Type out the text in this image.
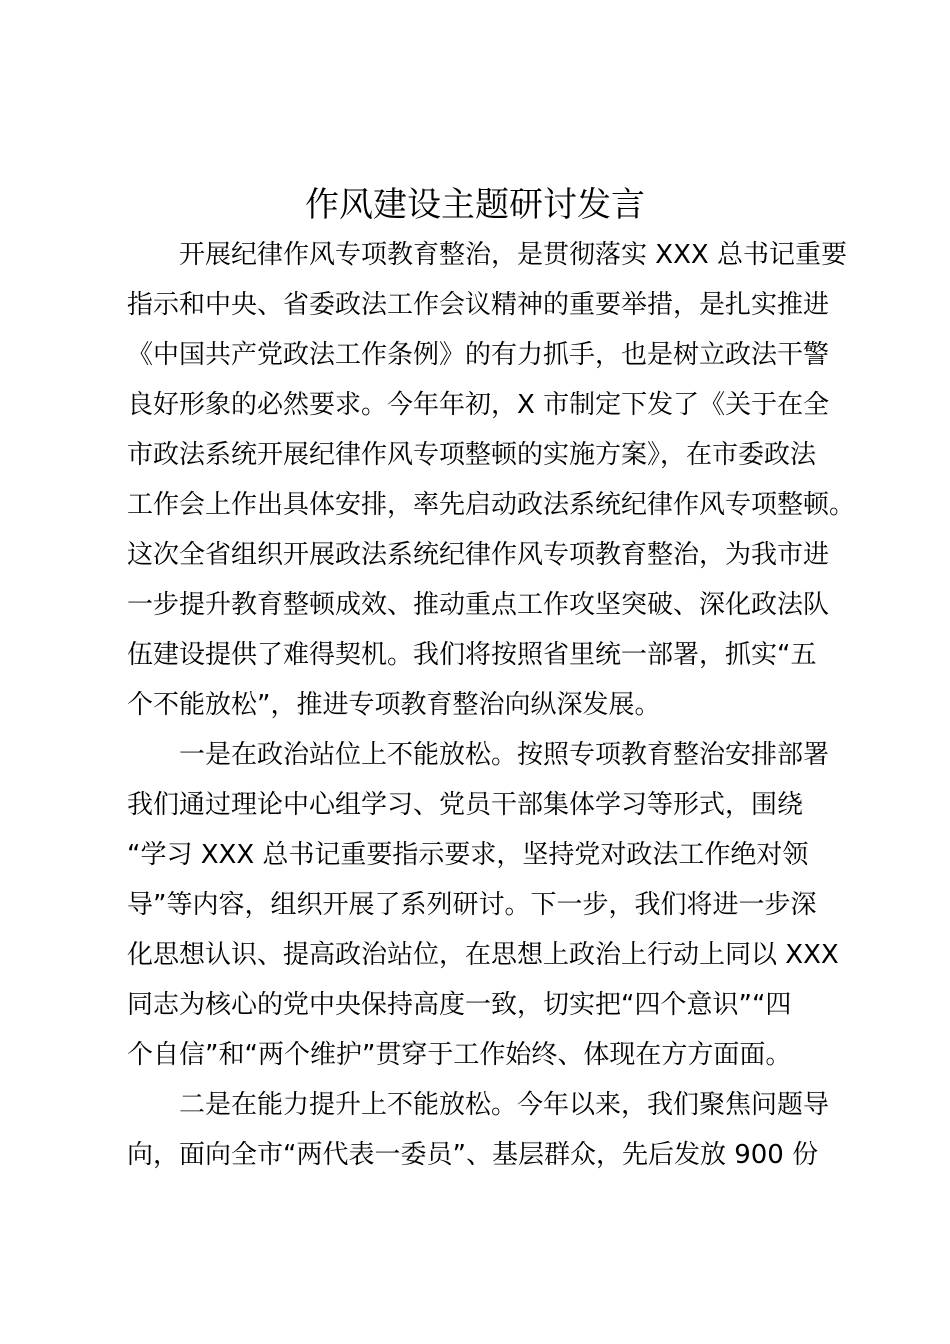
作风建设主题研讨发言
开展纪律作风专项教育整治，是贯彻落实 XXX 总书记重要
指示和中央、省委政法工作会议精神的重要举措，是扎实推进
《中国共产党政法工作条例》的有力抓手，也是树立政法干警
良好形象的必然要求。今年年初，X 市制定下发了《关于在全
市政法系统开展纪律作风专项整顿的实施方案》，在市委政法
工作会上作出具体安排，率先启动政法系统纪律作风专项整顿。
这次全省组织开展政法系统纪律作风专项教育整治，为我市进
一步提升教育整顿成效、推动重点工作攻坚突破、深化政法队
伍建设提供了难得契机。我们将按照省里统一部署，抓实“五
个不能放松”，推进专项教育整治向纵深发展。
一是在政治站位上不能放松。按照专项教育整治安排部署
我们通过理论中心组学习、党员干部集体学习等形式，围绕
“学习 XXX 总书记重要指示要求，坚持党对政法工作绝对领
导”等内容，组织开展了系列研讨。下一步，我们将进一步深
化思想认识、提高政治站位，在思想上政治上行动上同以 XXX
同志为核心的党中央保持高度一致，切实把“四个意识”“四
个自信”和“两个维护”贯穿于工作始终、体现在方方面面。
二是在能力提升上不能放松。今年以来，我们聚焦问题导
向，面向全市“两代表一委员”、基层群众，先后发放 900 份
